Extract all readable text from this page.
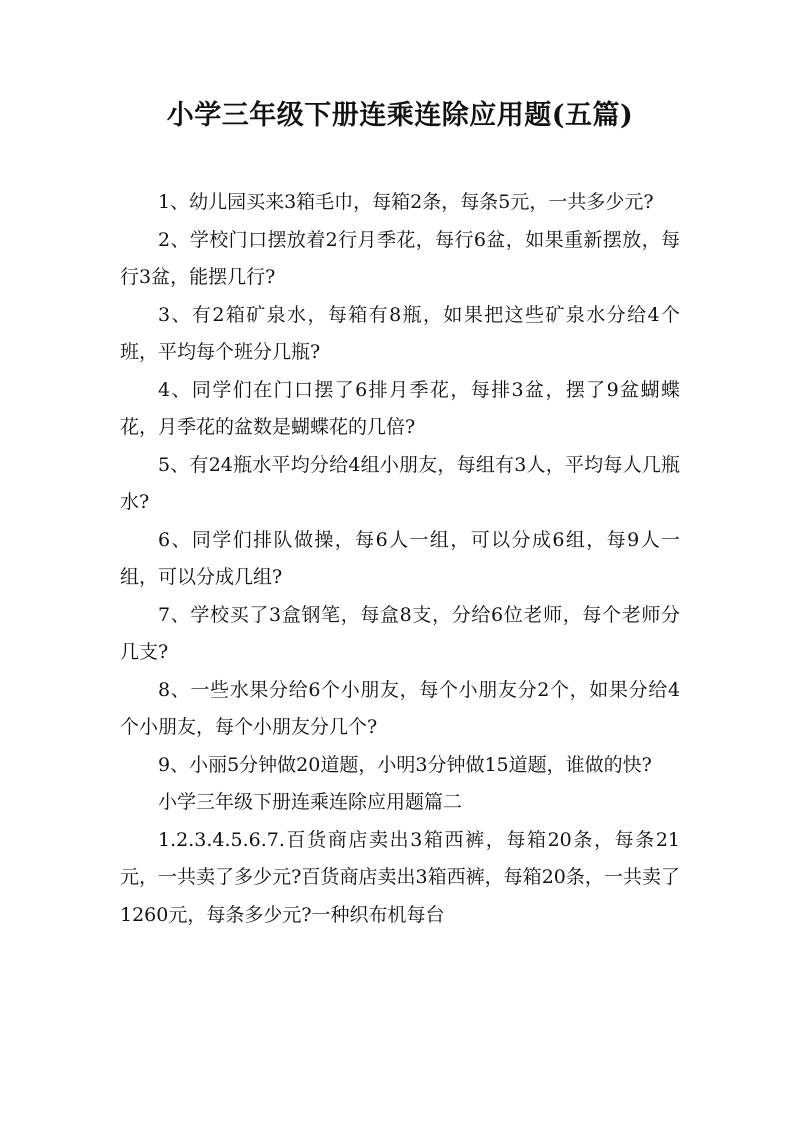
小学三年级下册连乘连除应用题(五篇)

1、幼儿园买来3箱毛巾，每箱2条，每条5元，一共多少元?

2、学校门口摆放着2行月季花，每行6盆，如果重新摆放，每行3盆，能摆几行?

3、有2箱矿泉水，每箱有8瓶，如果把这些矿泉水分给4个班，平均每个班分几瓶?

4、同学们在门口摆了6排月季花，每排3盆，摆了9盆蝴蝶花，月季花的盆数是蝴蝶花的几倍?

5、有24瓶水平均分给4组小朋友，每组有3人，平均每人几瓶水?

6、同学们排队做操，每6人一组，可以分成6组，每9人一组，可以分成几组?

7、学校买了3盒钢笔，每盒8支，分给6位老师，每个老师分几支?

8、一些水果分给6个小朋友，每个小朋友分2个，如果分给4个小朋友，每个小朋友分几个?

9、小丽5分钟做20道题，小明3分钟做15道题，谁做的快?

小学三年级下册连乘连除应用题篇二

1.2.3.4.5.6.7.百货商店卖出3箱西裤，每箱20条，每条21元，一共卖了多少元?百货商店卖出3箱西裤，每箱20条，一共卖了1260元，每条多少元?一种织布机每台
